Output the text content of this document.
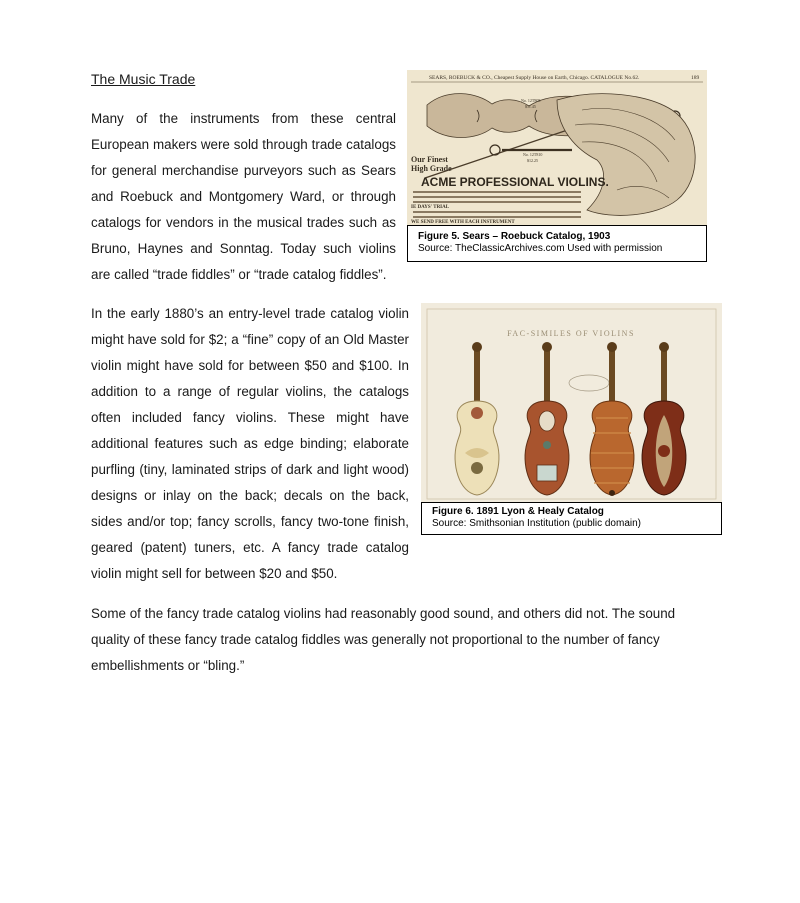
The Music Trade

Many of the instruments from these central European makers were sold through trade catalogs for general merchandise purveyors such as Sears and Roebuck and Montgomery Ward, or through catalogs for vendors in the musical trades such as Bruno, Haynes and Sonntag. Today such violins are called “trade fiddles” or “trade catalog fiddles”.

In the early 1880’s an entry-level trade catalog violin might have sold for $2; a “fine” copy of an Old Master violin might have sold for between $50 and $100. In addition to a range of regular violins, the catalogs often included fancy violins. These might have additional features such as edge binding; elaborate purfling (tiny, laminated strips of dark and light wood) designs or inlay on the back; decals on the back, sides and/or top; fancy scrolls, fancy two-tone finish, geared (patent) tuners, etc. A fancy trade catalog violin might sell for between $20 and $50.

Some of the fancy trade catalog violins had reasonably good sound, and others did not. The sound quality of these fancy trade catalog fiddles was generally not proportional to the number of fancy embellishments or “bling.”

SEARS, ROEBUCK & CO., Cheapest Supply House on Earth, Chicago. CATALOGUE No.62.	189
No. 12T808
$11.45
No. 12T810
$12.25
Our Finest
High Grade
ACME PROFESSIONAL VIOLINS.
IE DAYS' TRIAL
WE SEND FREE WITH EACH INSTRUMENT
Figure 5. Sears – Roebuck Catalog, 1903
Source: TheClassicArchives.com Used with permission
FAC-SIMILES OF VIOLINS
Figure 6. 1891 Lyon & Healy Catalog
Source: Smithsonian Institution (public domain)
